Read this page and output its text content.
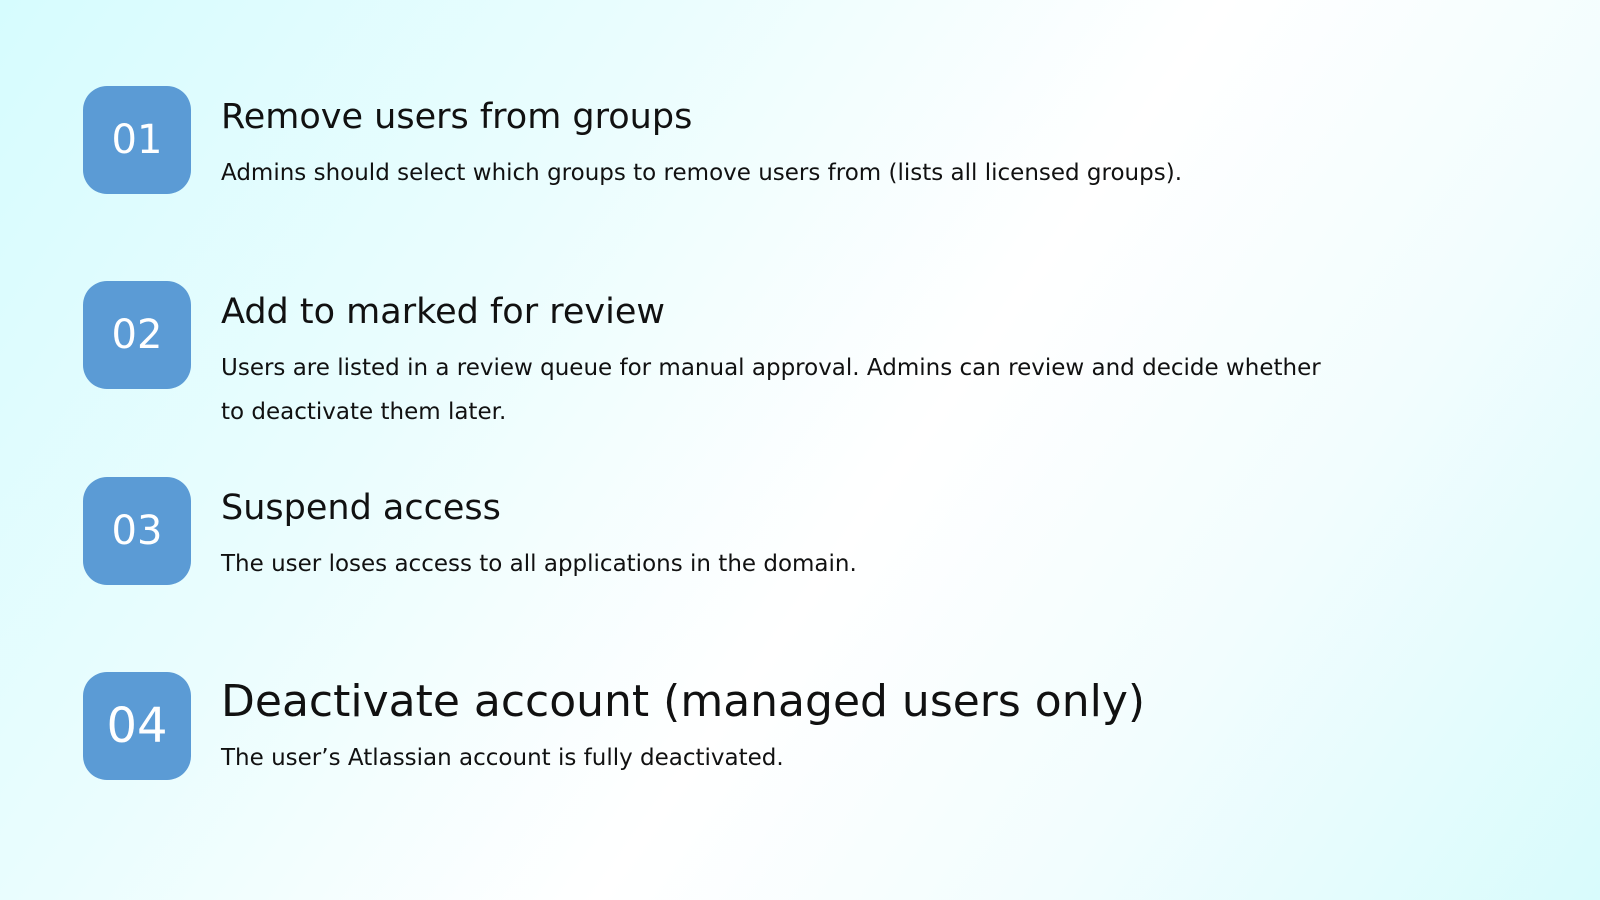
01	Remove users from groups
Admins should select which groups to remove users from (lists all licensed groups).
02	Add to marked for review
Users are listed in a review queue for manual approval. Admins can review and decide whether to deactivate them later.
03	Suspend access
The user loses access to all applications in the domain.
04	Deactivate account (managed users only)
The user’s Atlassian account is fully deactivated.
